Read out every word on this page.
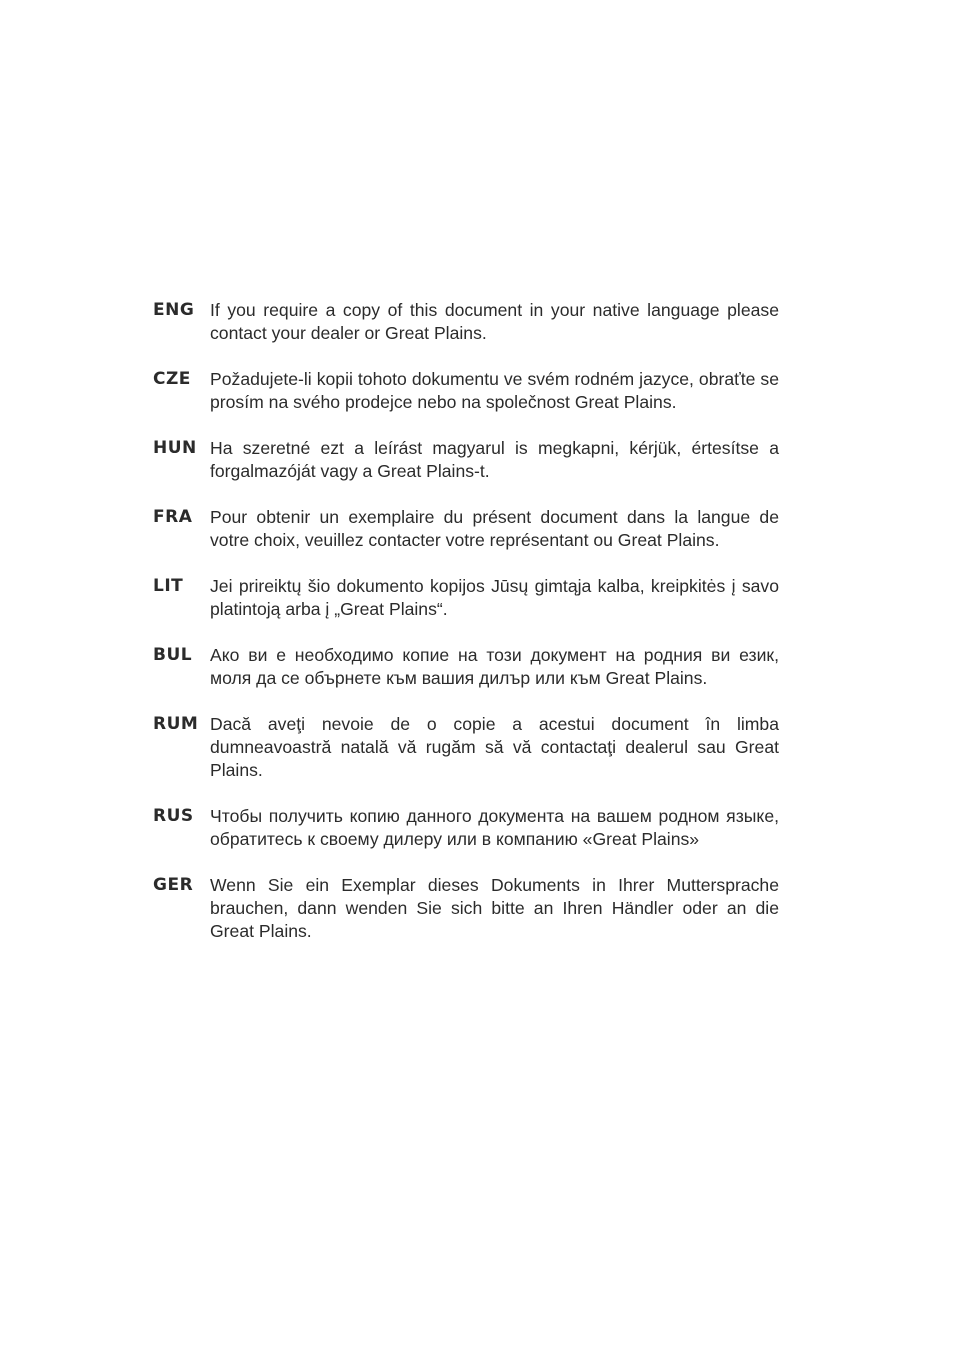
ENG If you require a copy of this document in your native language please contact your dealer or Great Plains.
CZE	Požadujete-li kopii tohoto dokumentu ve svém rodném jazyce, obraťte se prosím na svého prodejce nebo na společnost Great Plains.
HUN Ha szeretné ezt a leírást magyarul is megkapni, kérjük, értesítse a forgalmazóját vagy a Great Plains-t.
FRA	Pour obtenir un exemplaire du présent document dans la langue de votre choix, veuillez contacter votre représentant ou Great Plains.
LIT	Jei prireiktų šio dokumento kopijos Jūsų gimtąja kalba, kreipkitės į savo platintoją arba į „Great Plains“.
BUL	Ако ви е необходимо копие на този документ на родния ви език, моля да се обърнете към вашия дилър или към Great Plains.
RUM Dacă aveţi nevoie de o copie a acestui document în limba dumneavoastră natală vă rugăm să vă contactaţi dealerul sau Great Plains.
RUS Чтобы получить копию данного документа на вашем родном языке, обратитесь к своему дилеру или в компанию «Great Plains»
GER Wenn Sie ein Exemplar dieses Dokuments in Ihrer Muttersprache brauchen, dann wenden Sie sich bitte an Ihren Händler oder an die Great Plains.
